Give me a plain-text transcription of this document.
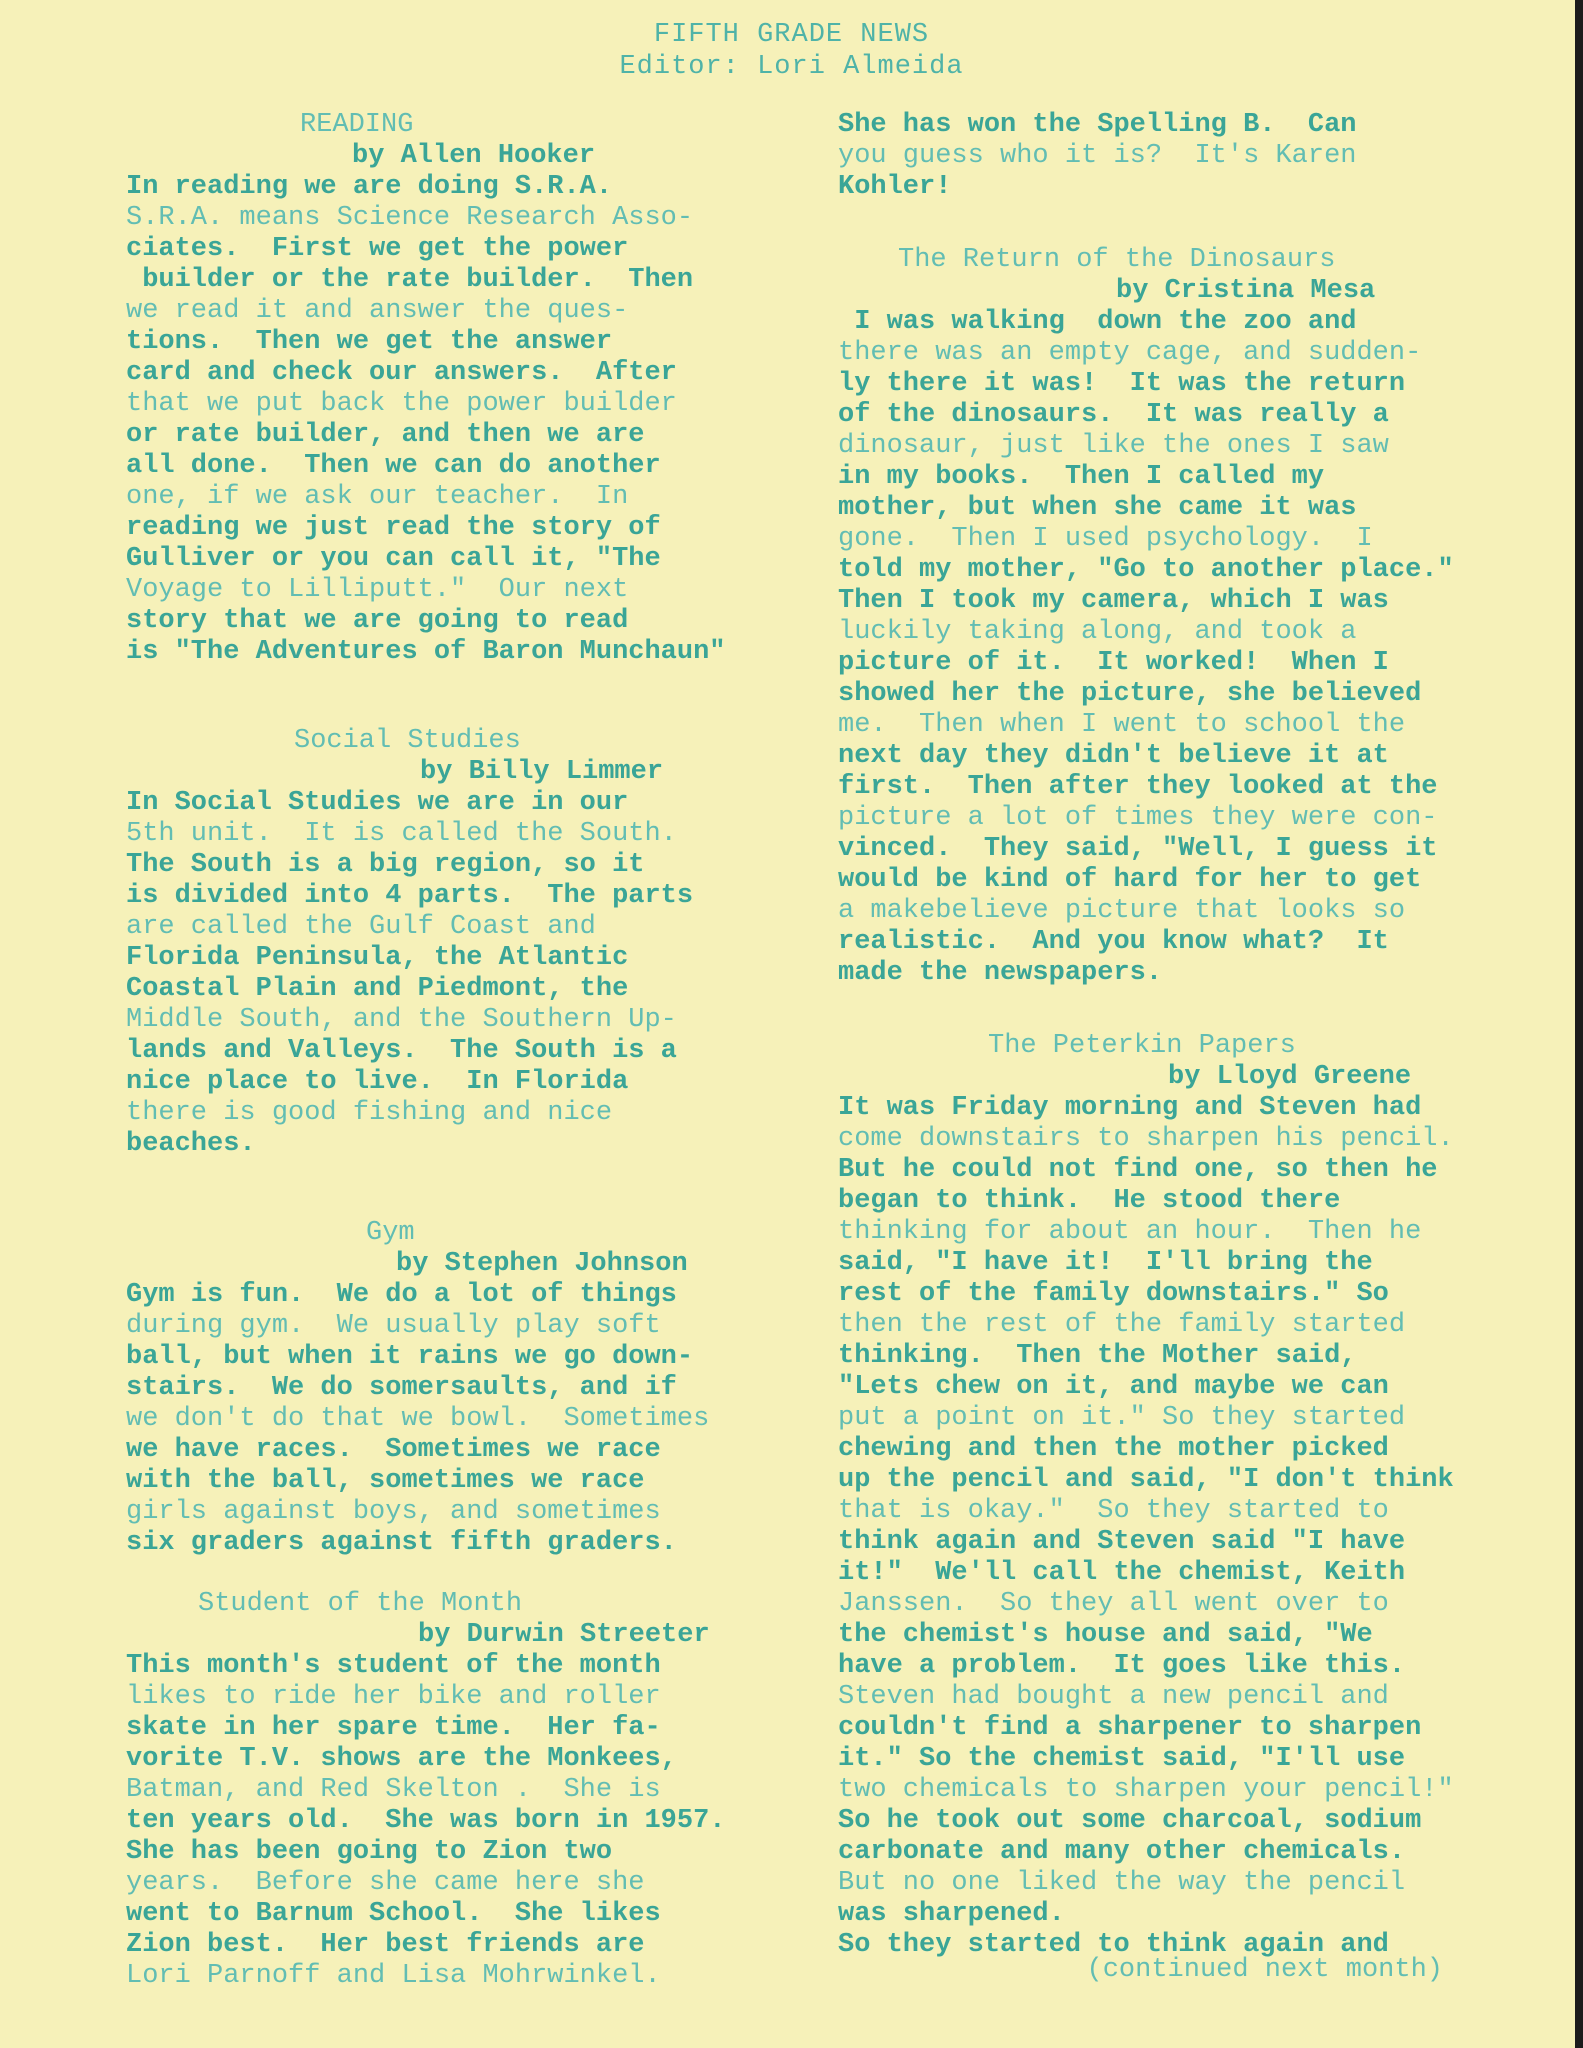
FIFTH GRADE NEWS
Editor: Lori Almeida
READING
by Allen Hooker
In reading we are doing S.R.A.
S.R.A. means Science Research Asso-
ciates.  First we get the power
builder or the rate builder.  Then
we read it and answer the ques-
tions.  Then we get the answer
card and check our answers.  After
that we put back the power builder
or rate builder, and then we are
all done.  Then we can do another
one, if we ask our teacher.  In
reading we just read the story of
Gulliver or you can call it, "The
Voyage to Lilliputt."  Our next
story that we are going to read
is "The Adventures of Baron Munchaun"
Social Studies
by Billy Limmer
In Social Studies we are in our
5th unit.  It is called the South.
The South is a big region, so it
is divided into 4 parts.  The parts
are called the Gulf Coast and
Florida Peninsula, the Atlantic
Coastal Plain and Piedmont, the
Middle South, and the Southern Up-
lands and Valleys.  The South is a
nice place to live.  In Florida
there is good fishing and nice
beaches.
Gym
by Stephen Johnson
Gym is fun.  We do a lot of things
during gym.  We usually play soft
ball, but when it rains we go down-
stairs.  We do somersaults, and if
we don't do that we bowl.  Sometimes
we have races.  Sometimes we race
with the ball, sometimes we race
girls against boys, and sometimes
six graders against fifth graders.
Student of the Month
by Durwin Streeter
This month's student of the month
likes to ride her bike and roller
skate in her spare time.  Her fa-
vorite T.V. shows are the Monkees,
Batman, and Red Skelton .  She is
ten years old.  She was born in 1957.
She has been going to Zion two
years.  Before she came here she
went to Barnum School.  She likes
Zion best.  Her best friends are
Lori Parnoff and Lisa Mohrwinkel.
She has won the Spelling B.  Can
you guess who it is?  It's Karen
Kohler!
The Return of the Dinosaurs
by Cristina Mesa
I was walking  down the zoo and
there was an empty cage, and sudden-
ly there it was!  It was the return
of the dinosaurs.  It was really a
dinosaur, just like the ones I saw
in my books.  Then I called my
mother, but when she came it was
gone.  Then I used psychology.  I
told my mother, "Go to another place."
Then I took my camera, which I was
luckily taking along, and took a
picture of it.  It worked!  When I
showed her the picture, she believed
me.  Then when I went to school the
next day they didn't believe it at
first.  Then after they looked at the
picture a lot of times they were con-
vinced.  They said, "Well, I guess it
would be kind of hard for her to get
a makebelieve picture that looks so
realistic.  And you know what?  It
made the newspapers.
The Peterkin Papers
by Lloyd Greene
It was Friday morning and Steven had
come downstairs to sharpen his pencil.
But he could not find one, so then he
began to think.  He stood there
thinking for about an hour.  Then he
said, "I have it!  I'll bring the
rest of the family downstairs." So
then the rest of the family started
thinking.  Then the Mother said,
"Lets chew on it, and maybe we can
put a point on it." So they started
chewing and then the mother picked
up the pencil and said, "I don't think
that is okay."  So they started to
think again and Steven said "I have
it!"  We'll call the chemist, Keith
Janssen.  So they all went over to
the chemist's house and said, "We
have a problem.  It goes like this.
Steven had bought a new pencil and
couldn't find a sharpener to sharpen
it." So the chemist said, "I'll use
two chemicals to sharpen your pencil!"
So he took out some charcoal, sodium
carbonate and many other chemicals.
But no one liked the way the pencil
was sharpened.
So they started to think again and
(continued next month)
